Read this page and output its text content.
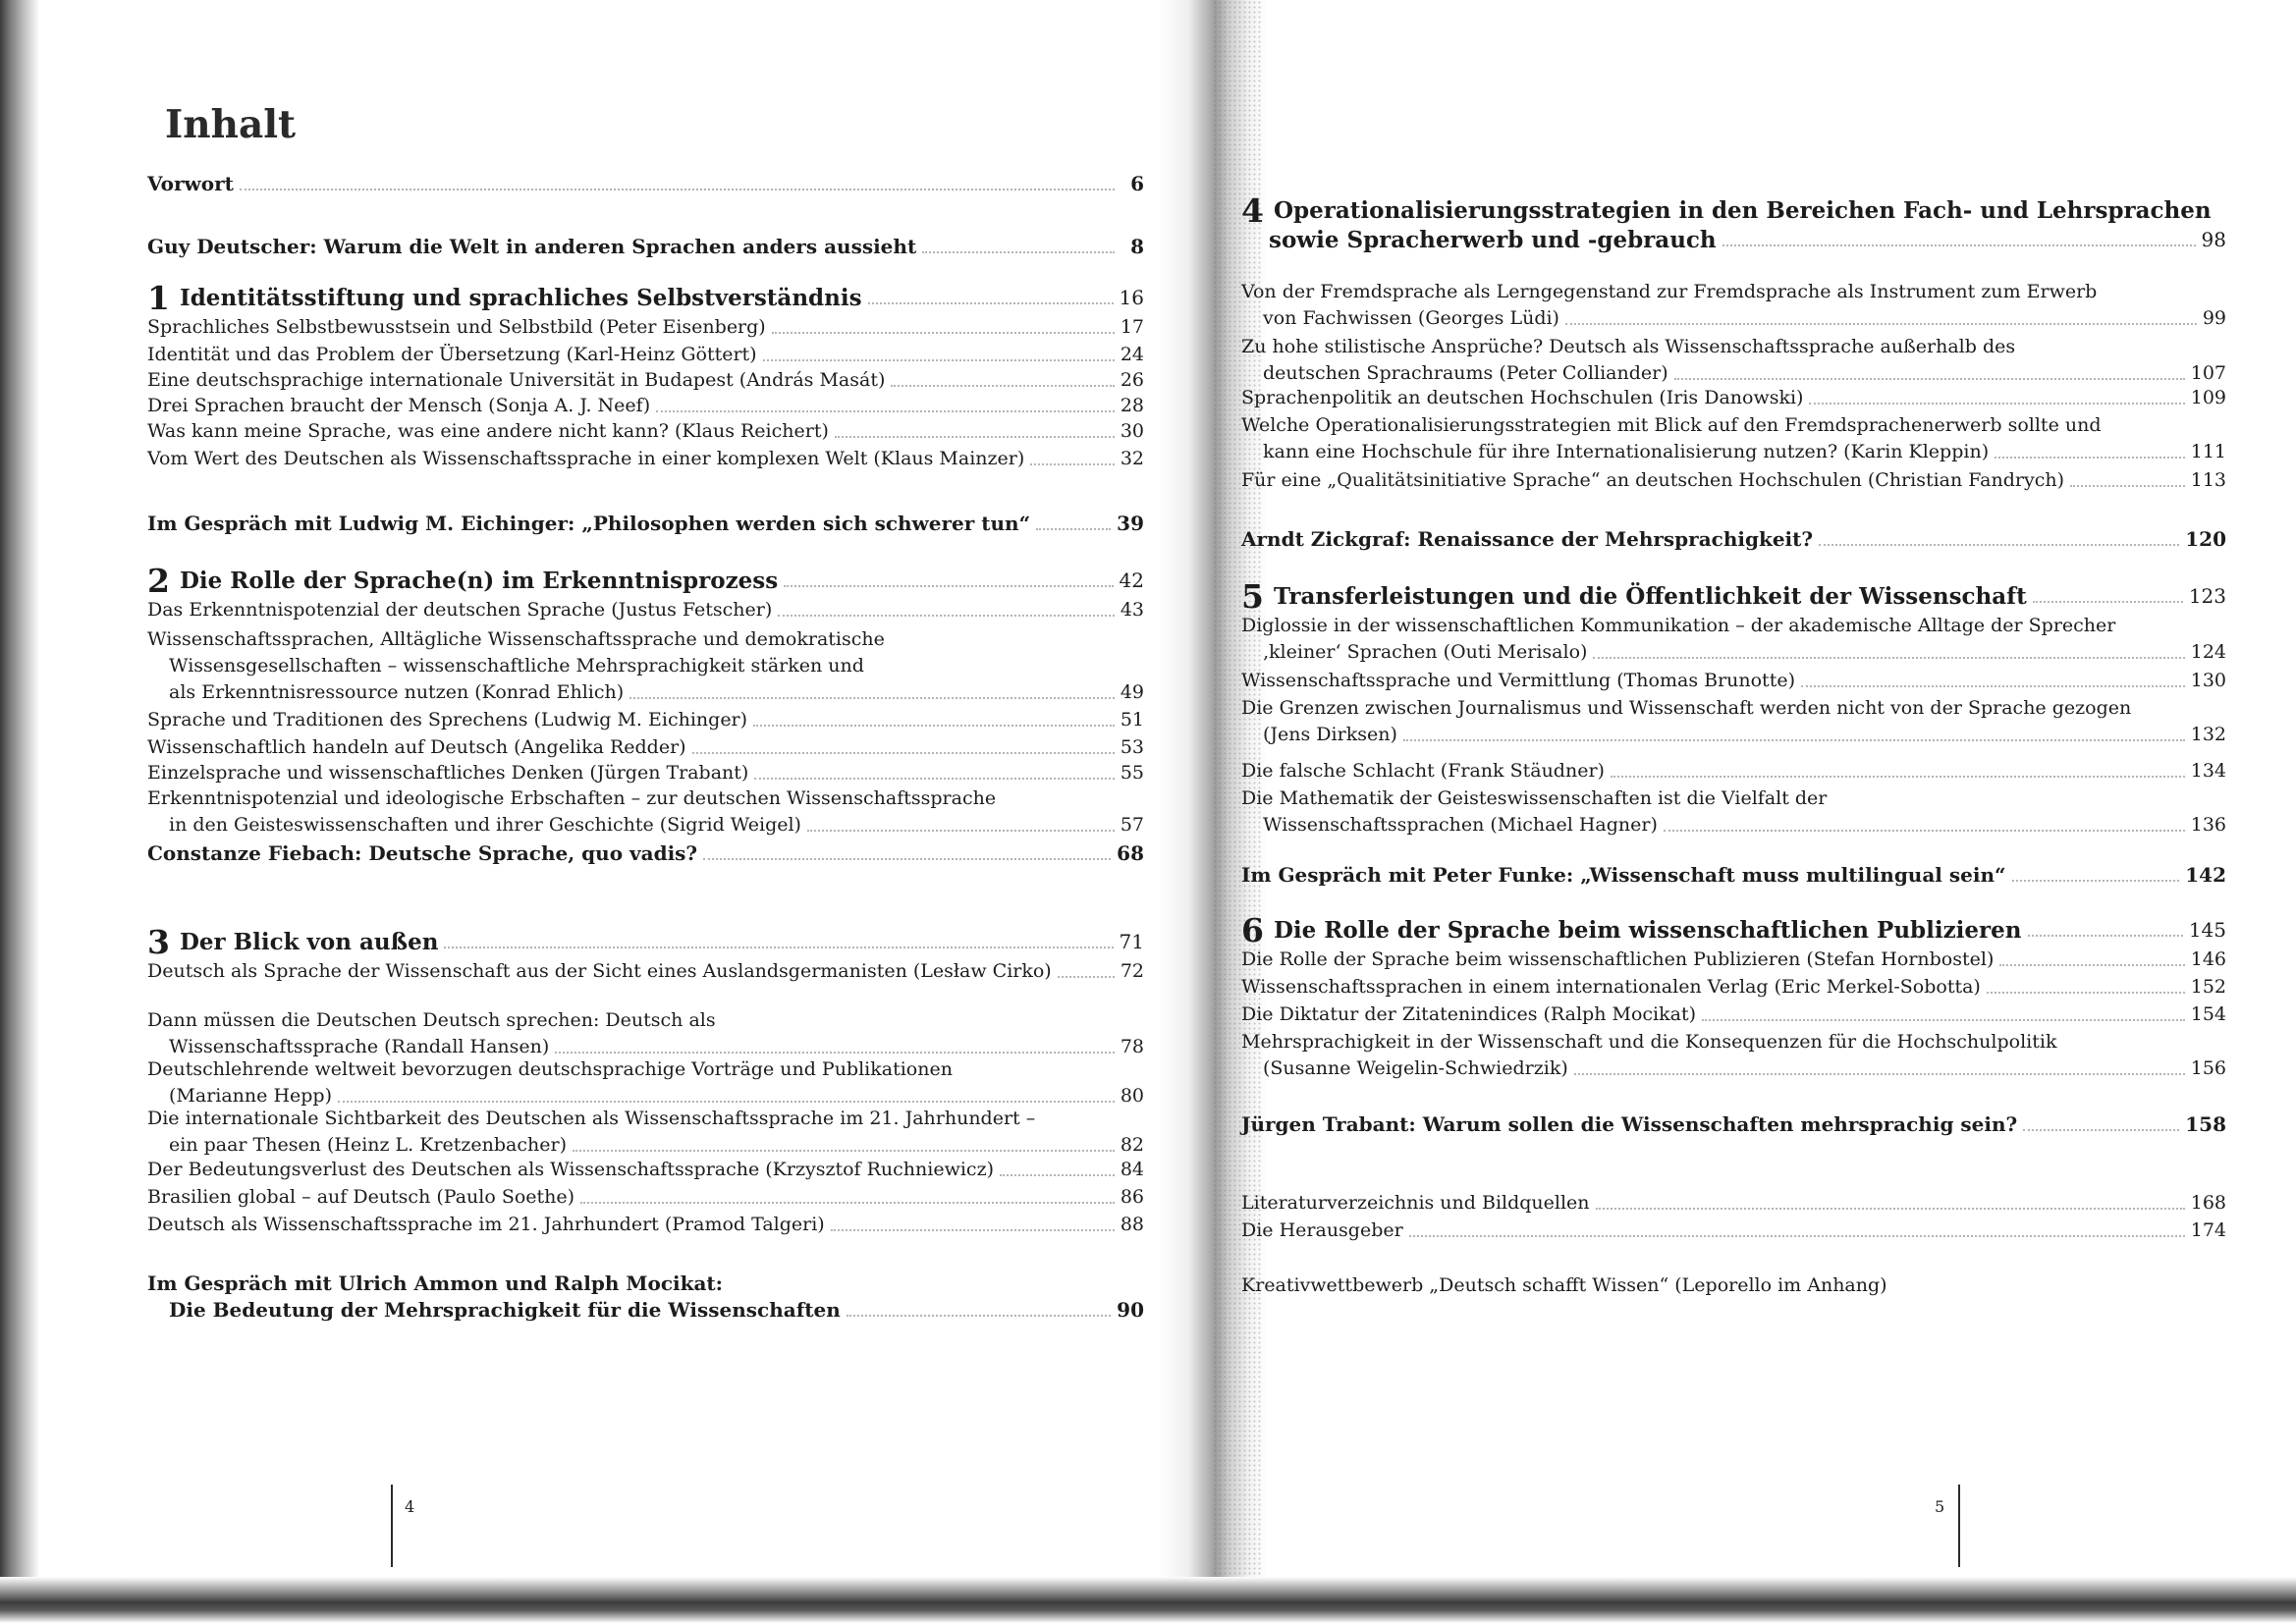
Inhalt
Vorwort	6
Guy Deutscher: Warum die Welt in anderen Sprachen anders aussieht	8
1 Identitätsstiftung und sprachliches Selbstverständnis	16
Sprachliches Selbstbewusstsein und Selbstbild (Peter Eisenberg)	17
Identität und das Problem der Übersetzung (Karl-Heinz Göttert)	24
Eine deutschsprachige internationale Universität in Budapest (András Masát)	26
Drei Sprachen braucht der Mensch (Sonja A. J. Neef)	28
Was kann meine Sprache, was eine andere nicht kann? (Klaus Reichert)	30
Vom Wert des Deutschen als Wissenschaftssprache in einer komplexen Welt (Klaus Mainzer)	32
Im Gespräch mit Ludwig M. Eichinger: „Philosophen werden sich schwerer tun“	39
2 Die Rolle der Sprache(n) im Erkenntnisprozess	42
Das Erkenntnispotenzial der deutschen Sprache (Justus Fetscher)	43
Wissenschaftssprachen, Alltägliche Wissenschaftssprache und demokratische
Wissensgesellschaften – wissenschaftliche Mehrsprachigkeit stärken und
als Erkenntnisressource nutzen (Konrad Ehlich)	49
Sprache und Traditionen des Sprechens (Ludwig M. Eichinger)	51
Wissenschaftlich handeln auf Deutsch (Angelika Redder)	53
Einzelsprache und wissenschaftliches Denken (Jürgen Trabant)	55
Erkenntnispotenzial und ideologische Erbschaften – zur deutschen Wissenschaftssprache
in den Geisteswissenschaften und ihrer Geschichte (Sigrid Weigel)	57
Constanze Fiebach: Deutsche Sprache, quo vadis?	68
3 Der Blick von außen	71
Deutsch als Sprache der Wissenschaft aus der Sicht eines Auslandsgermanisten (Lesław Cirko)	72
Dann müssen die Deutschen Deutsch sprechen: Deutsch als
Wissenschaftssprache (Randall Hansen)	78
Deutschlehrende weltweit bevorzugen deutschsprachige Vorträge und Publikationen
(Marianne Hepp)	80
Die internationale Sichtbarkeit des Deutschen als Wissenschaftssprache im 21. Jahrhundert –
ein paar Thesen (Heinz L. Kretzenbacher)	82
Der Bedeutungsverlust des Deutschen als Wissenschaftssprache (Krzysztof Ruchniewicz)	84
Brasilien global – auf Deutsch (Paulo Soethe)	86
Deutsch als Wissenschaftssprache im 21. Jahrhundert (Pramod Talgeri)	88
Im Gespräch mit Ulrich Ammon und Ralph Mocikat:
Die Bedeutung der Mehrsprachigkeit für die Wissenschaften	90
4
4 Operationalisierungsstrategien in den Bereichen Fach- und Lehrsprachen
sowie Spracherwerb und -gebrauch	98
Von der Fremdsprache als Lerngegenstand zur Fremdsprache als Instrument zum Erwerb
von Fachwissen (Georges Lüdi)	99
Zu hohe stilistische Ansprüche? Deutsch als Wissenschaftssprache außerhalb des
deutschen Sprachraums (Peter Colliander)	107
Sprachenpolitik an deutschen Hochschulen (Iris Danowski)	109
Welche Operationalisierungsstrategien mit Blick auf den Fremdsprachenerwerb sollte und
kann eine Hochschule für ihre Internationalisierung nutzen? (Karin Kleppin)	111
Für eine „Qualitätsinitiative Sprache“ an deutschen Hochschulen (Christian Fandrych)	113
Arndt Zickgraf: Renaissance der Mehrsprachigkeit?	120
5 Transferleistungen und die Öffentlichkeit der Wissenschaft	123
Diglossie in der wissenschaftlichen Kommunikation – der akademische Alltage der Sprecher
‚kleiner‘ Sprachen (Outi Merisalo)	124
Wissenschaftssprache und Vermittlung (Thomas Brunotte)	130
Die Grenzen zwischen Journalismus und Wissenschaft werden nicht von der Sprache gezogen
(Jens Dirksen)	132
Die falsche Schlacht (Frank Stäudner)	134
Die Mathematik der Geisteswissenschaften ist die Vielfalt der
Wissenschaftssprachen (Michael Hagner)	136
Im Gespräch mit Peter Funke: „Wissenschaft muss multilingual sein“	142
6 Die Rolle der Sprache beim wissenschaftlichen Publizieren	145
Die Rolle der Sprache beim wissenschaftlichen Publizieren (Stefan Hornbostel)	146
Wissenschaftssprachen in einem internationalen Verlag (Eric Merkel-Sobotta)	152
Die Diktatur der Zitatenindices (Ralph Mocikat)	154
Mehrsprachigkeit in der Wissenschaft und die Konsequenzen für die Hochschulpolitik
(Susanne Weigelin-Schwiedrzik)	156
Jürgen Trabant: Warum sollen die Wissenschaften mehrsprachig sein?	158
Literaturverzeichnis und Bildquellen	168
Die Herausgeber	174
Kreativwettbewerb „Deutsch schafft Wissen“ (Leporello im Anhang)
5
